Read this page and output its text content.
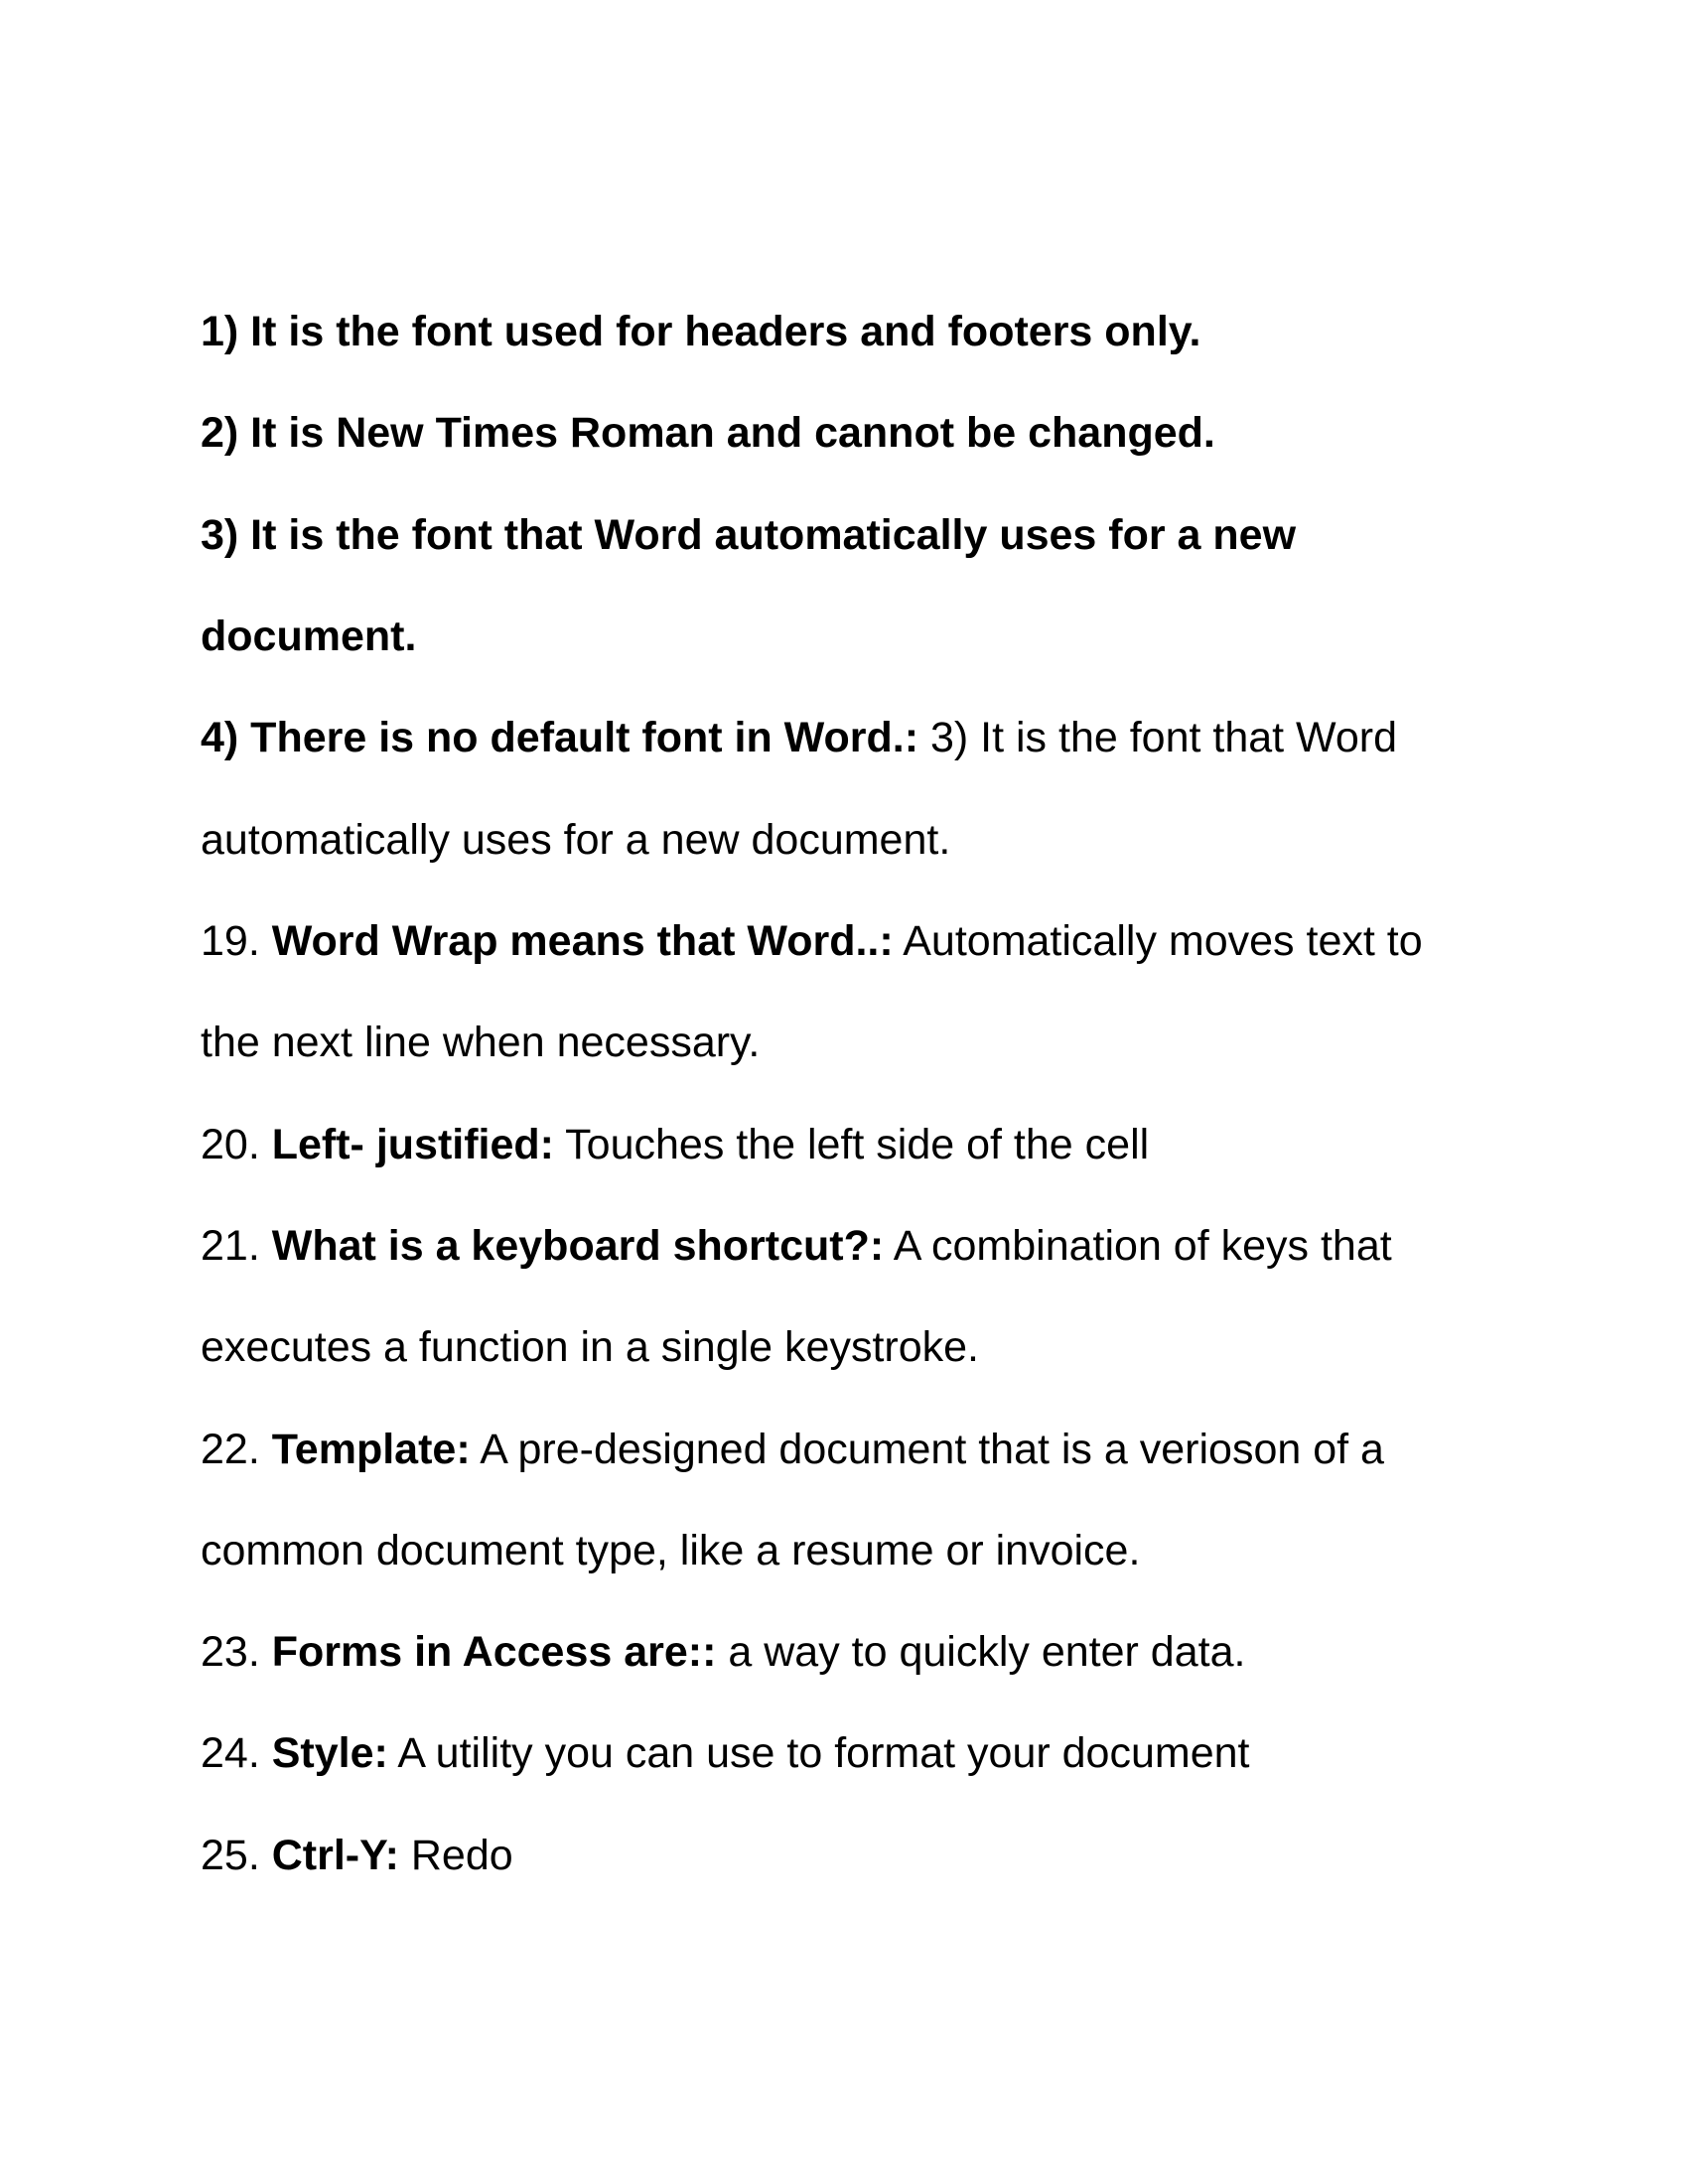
1) It is the font used for headers and footers only.
2) It is New Times Roman and cannot be changed.
3) It is the font that Word automatically uses for a new
document.
4) There is no default font in Word.: 3) It is the font that Word
automatically uses for a new document.
19. Word Wrap means that Word..: Automatically moves text to
the next line when necessary.
20. Left- justified: Touches the left side of the cell
21. What is a keyboard shortcut?: A combination of keys that
executes a function in a single keystroke.
22. Template: A pre-designed document that is a verioson of a
common document type, like a resume or invoice.
23. Forms in Access are:: a way to quickly enter data.
24. Style: A utility you can use to format your document
25. Ctrl-Y: Redo
